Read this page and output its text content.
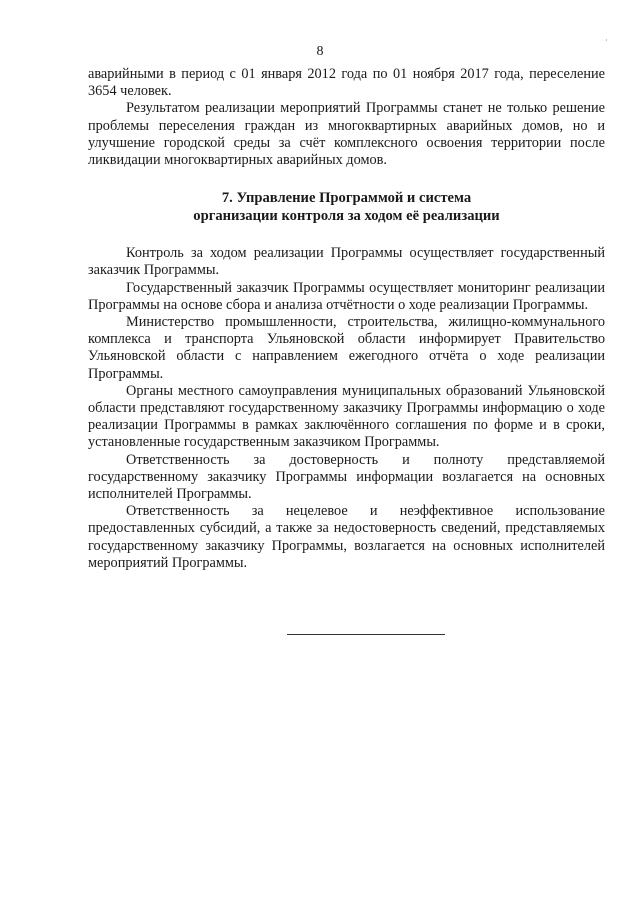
8
·

аварийными в период с 01 января 2012 года по 01 ноября 2017 года, переселение 3654 человек.

Результатом реализации мероприятий Программы станет не только решение проблемы переселения граждан из многоквартирных аварийных домов, но и улучшение городской среды за счёт комплексного освоения территории после ликвидации многоквартирных аварийных домов.

7. Управление Программой и система
организации контроля за ходом её реализации

Контроль за ходом реализации Программы осуществляет государственный заказчик Программы.

Государственный заказчик Программы осуществляет мониторинг реализации Программы на основе сбора и анализа отчётности о ходе реализации Программы.

Министерство промышленности, строительства, жилищно-коммунального комплекса и транспорта Ульяновской области информирует Правительство Ульяновской области с направлением ежегодного отчёта о ходе реализации Программы.

Органы местного самоуправления муниципальных образований Ульяновской области представляют государственному заказчику Программы информацию о ходе реализации Программы в рамках заключённого соглашения по форме и в сроки, установленные государственным заказчиком Программы.

Ответственность за достоверность и полноту представляемой государственному заказчику Программы информации возлагается на основных исполнителей Программы.

Ответственность за нецелевое и неэффективное использование предоставленных субсидий, а также за недостоверность сведений, представляемых государственному заказчику Программы, возлагается на основных исполнителей мероприятий Программы.
